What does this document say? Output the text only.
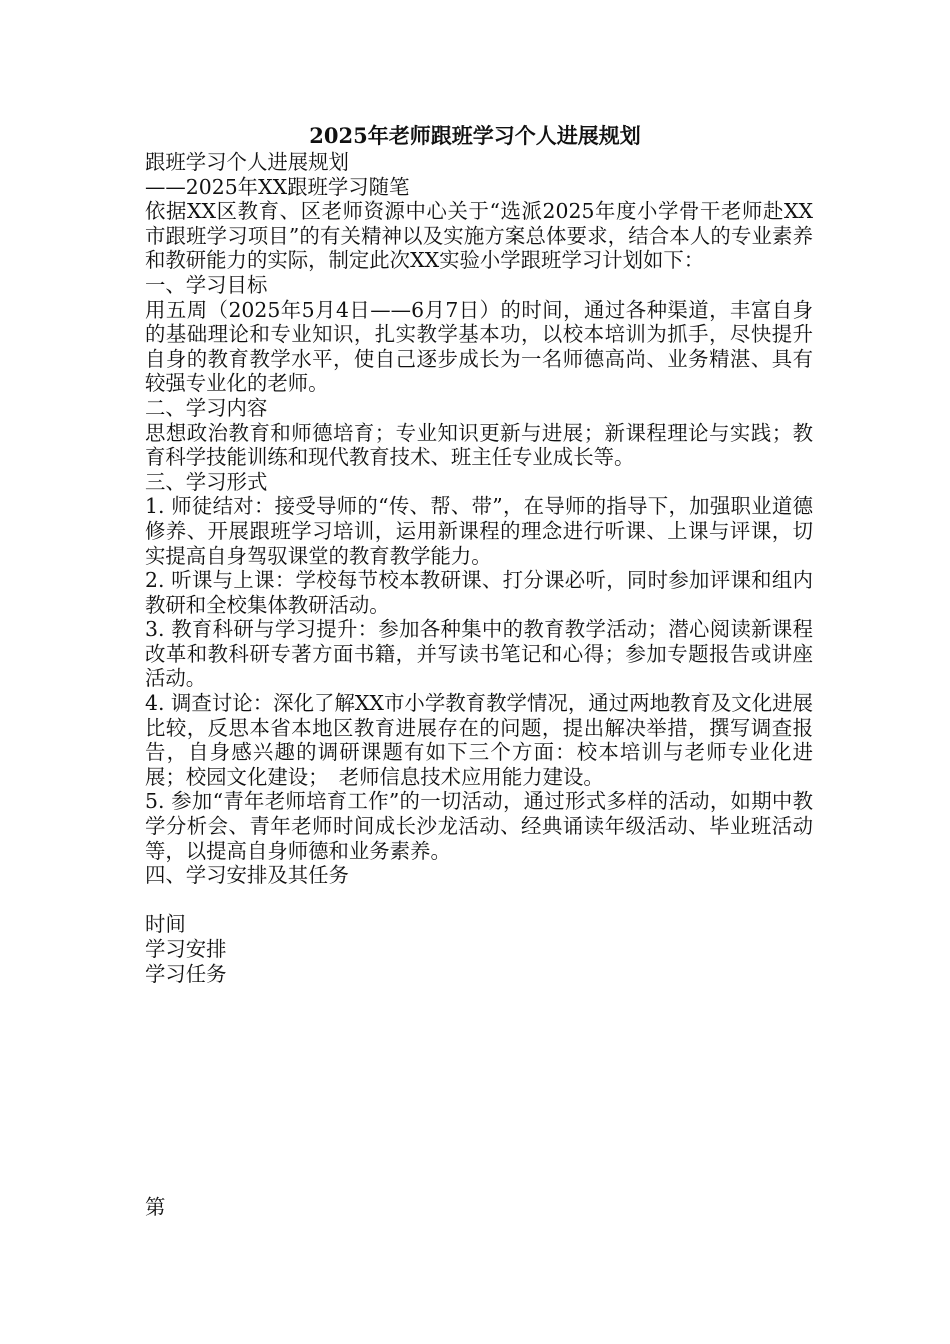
2025年老师跟班学习个人进展规划

跟班学习个人进展规划

——2025年XX跟班学习随笔

依据XX区教育、区老师资源中心关于“选派2025年度小学骨干老师赴XX市跟班学习项目”的有关精神以及实施方案总体要求，结合本人的专业素养和教研能力的实际，制定此次XX实验小学跟班学习计划如下：

一、学习目标

用五周（2025年5月4日——6月7日）的时间，通过各种渠道，丰富自身的基础理论和专业知识，扎实教学基本功，以校本培训为抓手，尽快提升自身的教育教学水平，使自己逐步成长为一名师德高尚、业务精湛、具有较强专业化的老师。

二、学习内容

思想政治教育和师德培育；专业知识更新与进展；新课程理论与实践；教育科学技能训练和现代教育技术、班主任专业成长等。

三、学习形式

1. 师徒结对：接受导师的“传、帮、带”，在导师的指导下，加强职业道德修养、开展跟班学习培训，运用新课程的理念进行听课、上课与评课，切实提高自身驾驭课堂的教育教学能力。

2. 听课与上课：学校每节校本教研课、打分课必听，同时参加评课和组内教研和全校集体教研活动。

3. 教育科研与学习提升：参加各种集中的教育教学活动；潜心阅读新课程改革和教科研专著方面书籍，并写读书笔记和心得；参加专题报告或讲座活动。

4. 调查讨论：深化了解XX市小学教育教学情况，通过两地教育及文化进展比较，反思本省本地区教育进展存在的问题，提出解决举措，撰写调查报告，自身感兴趣的调研课题有如下三个方面：校本培训与老师专业化进展；校园文化建设；　老师信息技术应用能力建设。

5. 参加“青年老师培育工作”的一切活动，通过形式多样的活动，如期中教学分析会、青年老师时间成长沙龙活动、经典诵读年级活动、毕业班活动等，以提高自身师德和业务素养。

四、学习安排及其任务

时间

学习安排

学习任务

第
